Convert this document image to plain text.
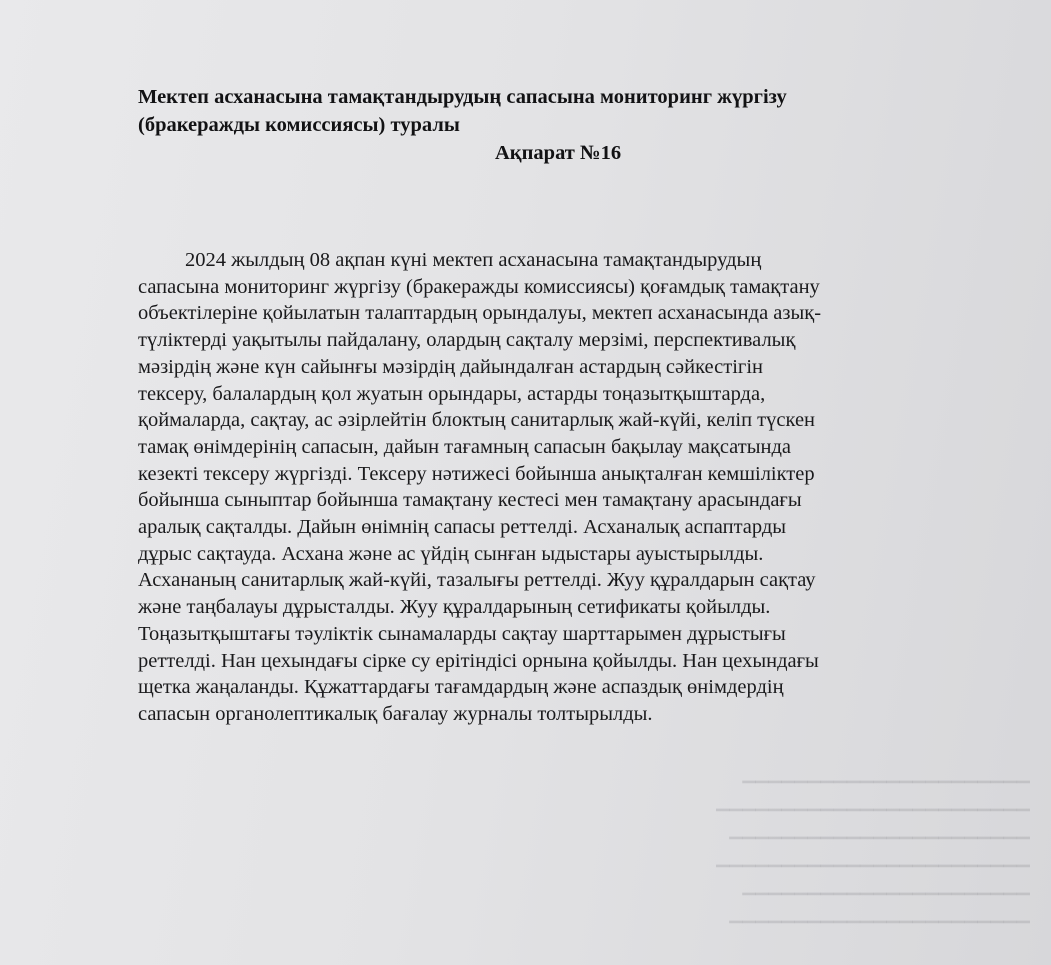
▁▁▁▁▁▁▁▁▁▁▁▁▁▁▁▁▁▁▁▁▁▁
▁▁▁▁▁▁▁▁▁▁▁▁▁▁▁▁▁▁▁▁▁▁▁▁
▁▁▁▁▁▁▁▁▁▁▁▁▁▁▁▁▁▁▁▁▁▁▁
▁▁▁▁▁▁▁▁▁▁▁▁▁▁▁▁▁▁▁▁▁▁▁▁
▁▁▁▁▁▁▁▁▁▁▁▁▁▁▁▁▁▁▁▁▁▁
▁▁▁▁▁▁▁▁▁▁▁▁▁▁▁▁▁▁▁▁▁▁▁
Мектеп асханасына тамақтандырудың сапасына мониторинг жүргізу
(бракеражды комиссиясы) туралы
Ақпарат №16
2024 жылдың 08 ақпан күні мектеп асханасына тамақтандырудың
сапасына мониторинг жүргізу (бракеражды комиссиясы) қоғамдық тамақтану
объектілеріне қойылатын талаптардың орындалуы, мектеп асханасында азық-
түліктерді уақытылы пайдалану, олардың сақталу мерзімі, перспективалық
мәзірдің және күн сайынғы мәзірдің дайындалған астардың сәйкестігін
тексеру, балалардың қол жуатын орындары, астарды тоңазытқыштарда,
қоймаларда, сақтау, ас әзірлейтін блоктың санитарлық жай-күйі, келіп түскен
тамақ өнімдерінің сапасын, дайын тағамның сапасын бақылау мақсатында
кезекті тексеру жүргізді. Тексеру нәтижесі бойынша анықталған кемшіліктер
бойынша сыныптар бойынша тамақтану кестесі мен тамақтану арасындағы
аралық сақталды. Дайын өнімнің сапасы реттелді. Асханалық аспаптарды
дұрыс сақтауда. Асхана және ас үйдің сынған ыдыстары ауыстырылды.
Асхананың санитарлық жай-күйі, тазалығы реттелді. Жуу құралдарын сақтау
және таңбалауы дұрысталды. Жуу құралдарының сетификаты қойылды.
Тоңазытқыштағы тәуліктік сынамаларды сақтау шарттарымен дұрыстығы
реттелді. Нан цехындағы сірке су ерітіндісі орнына қойылды. Нан цехындағы
щетка жаңаланды. Құжаттардағы тағамдардың және аспаздық өнімдердің
сапасын органолептикалық бағалау журналы толтырылды.
